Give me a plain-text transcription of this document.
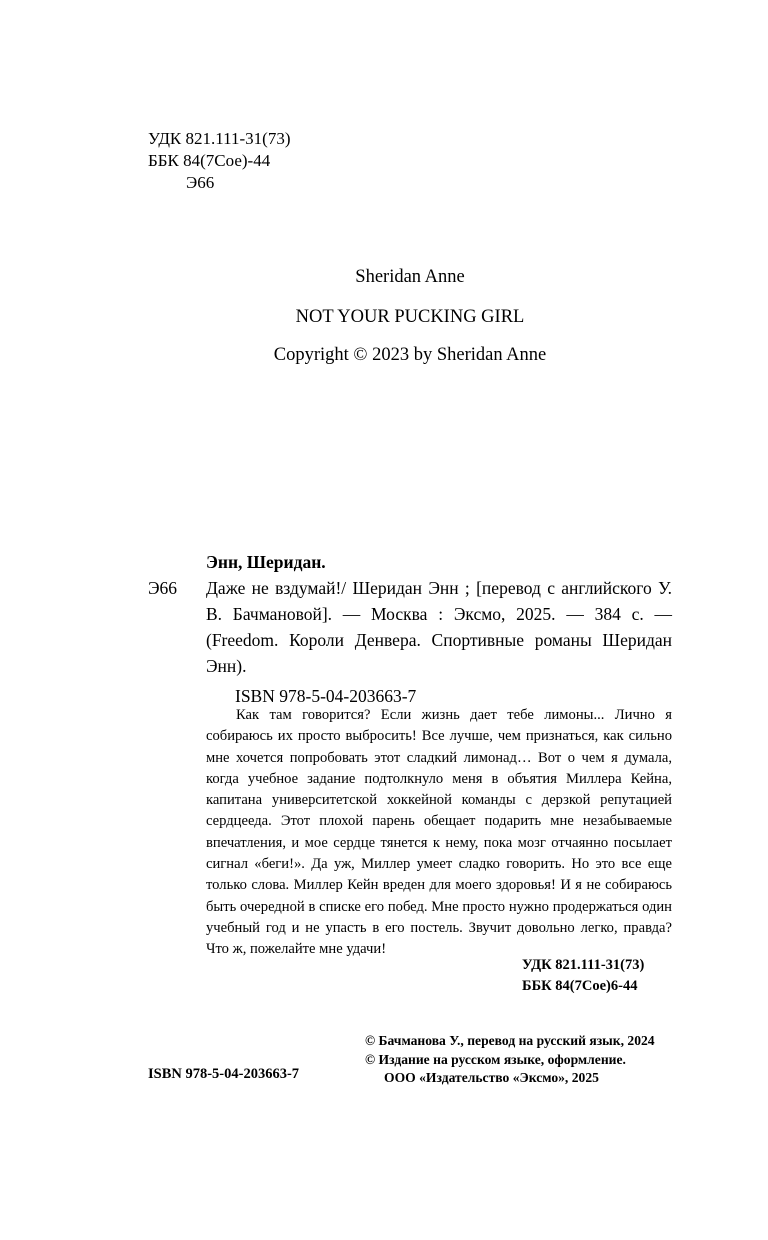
УДК 821.111-31(73)
ББК 84(7Сое)-44
Э66
Sheridan Anne
NOT YOUR PUCKING GIRL
Copyright © 2023 by Sheridan Anne
Энн, Шеридан.
Э66 Даже не вздумай!/ Шеридан Энн ; [перевод с английского У. В. Бачмановой]. — Москва : Эксмо, 2025. — 384 с. — (Freedom. Короли Денвера. Спортивные романы Шеридан Энн).
ISBN 978-5-04-203663-7

Как там говорится? Если жизнь дает тебе лимоны... Лично я собираюсь их просто выбросить! Все лучше, чем признаться, как сильно мне хочется попробовать этот сладкий лимонад… Вот о чем я думала, когда учебное задание подтолкнуло меня в объятия Миллера Кейна, капитана университетской хоккейной команды с дерзкой репутацией сердцееда. Этот плохой парень обещает подарить мне незабываемые впечатления, и мое сердце тянется к нему, пока мозг отчаянно посылает сигнал «беги!». Да уж, Миллер умеет сладко говорить. Но это все еще только слова. Миллер Кейн вреден для моего здоровья! И я не собираюсь быть очередной в списке его побед. Мне просто нужно продержаться один учебный год и не упасть в его постель. Звучит довольно легко, правда? Что ж, пожелайте мне удачи!

УДК 821.111-31(73)
ББК 84(7Сое)6-44
ISBN 978-5-04-203663-7
© Бачманова У., перевод на русский язык, 2024
© Издание на русском языке, оформление.
ООО «Издательство «Эксмо», 2025
